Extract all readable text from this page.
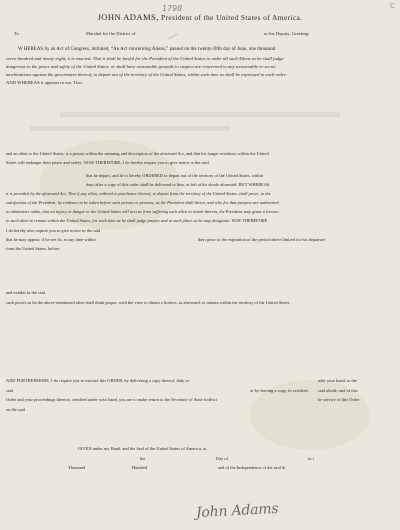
1798	C
JOHN ADAMS, President of the United States of America.
To	Marshal for the District of	or his Deputy, Greeting:
W HEREAS by an Act of Congress, intituled, “An Act concerning Aliens,” passed on the twenty-fifth day of June, one thousand
seven hundred and ninety-eight, it is enacted, That it shall be lawful for the President of the United States to order all such Aliens as he shall judge
dangerous to the peace and safety of the United States, or shall have reasonable grounds to suspect are concerned in any treasonable or secret
machinations against the government thereof, to depart out of the territory of the United States, within such time as shall be expressed in such order:
AND WHEREAS it appears to me, That
and an alien to the United States, is a person within the meaning and description of the aforesaid Act, and that his longer residence within the United
States will endanger their peace and safety: NOW THEREFORE, I do hereby require you to give notice to the said
that he depart, and he is hereby ORDERED to depart out of the territory of the United States, within
days after a copy of this order shall be delivered to him, or left at his abode aforesaid: BUT WHEREAS
it is provided by the aforesaid Act, That if any alien, ordered to purchance thereof, to depart from the territory of the United States, shall prove, to the
satisfaction of the President, by evidence to be taken before such person or persons, as the President shall direct, and who for that purpose are authorized
to administer oaths, that no injury or danger to the United States will accrue from suffering such alien to reside therein, the President may grant a licence
to such alien to remain within the United States, for such time as he shall judge proper, and at such place as he may designate: NOW THEREFORE
I do hereby also require you to give notice to the said
that he may appear, if he see fit, at any time within	days prior to the expiration of the period above limited for his departure
from the United States, before
and exhibit to the said
such proofs as he the above-mentioned alien shall think proper, with the view to obtain a licence, as aforesaid, to remain within the territory of the United States
AND FURTHERMORE, I do require you to execute this ORDER, by delivering a copy thereof, duly ce	nder your hand, to the
said	or by leaving a copy, fo certified, said abode; and of this
Order and your proceedings thereon, certified under your hand, you are to make return to the Secretary of State forthwi	he service of this Order
on the said
GIVEN under my Hand, and the Seal of the United States of America, at
the	Day of	in t
Thousand	Hundred	and of the Independence of the said St
John Adams
